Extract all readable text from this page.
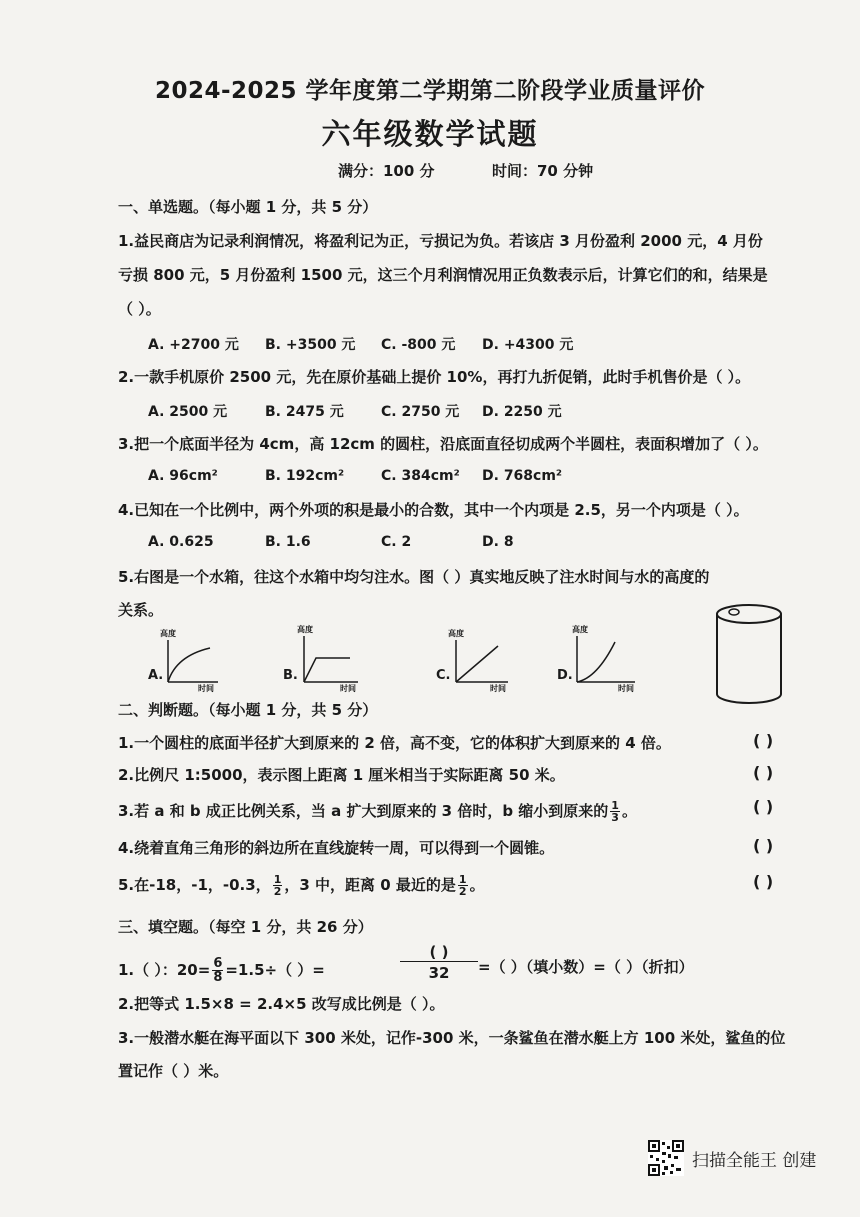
2024-2025 学年度第二学期第二阶段学业质量评价
六年级数学试题
满分：100 分	时间：70 分钟
一、单选题。（每小题 1 分，共 5 分）
1.益民商店为记录利润情况，将盈利记为正，亏损记为负。若该店 3 月份盈利 2000 元，4 月份
亏损 800 元，5 月份盈利 1500 元，这三个月利润情况用正负数表示后，计算它们的和，结果是
（ ）。
A. +2700 元 B. +3500 元 C. -800 元 D. +4300 元
2.一款手机原价 2500 元，先在原价基础上提价 10%，再打九折促销，此时手机售价是（ ）。
A. 2500 元	B. 2475 元	C. 2750 元 D. 2250 元
3.把一个底面半径为 4cm，高 12cm 的圆柱，沿底面直径切成两个半圆柱，表面积增加了（ ）。
A. 96cm²	B. 192cm²	C. 384cm² D. 768cm²
4.已知在一个比例中，两个外项的积是最小的合数，其中一个内项是 2.5，另一个内项是（ ）。
A. 0.625	B. 1.6	C. 2	D. 8
5.右图是一个水箱，往这个水箱中均匀注水。图（ ）真实地反映了注水时间与水的高度的
关系。
A.
高度
时间
B.
高度
时间
C.
高度
时间
D.
高度
时间
二、判断题。（每小题 1 分，共 5 分）
1.一个圆柱的底面半径扩大到原来的 2 倍，高不变，它的体积扩大到原来的 4 倍。	( )
2.比例尺 1:5000，表示图上距离 1 厘米相当于实际距离 50 米。	( )
3.若 a 和 b 成正比例关系，当 a 扩大到原来的 3 倍时，b 缩小到原来的 $\frac{1}{3}$ 。	( )
4.绕着直角三角形的斜边所在直线旋转一周，可以得到一个圆锥。	( )
5.在-18，-1，-0.3， $\frac{1}{2}$ ，3 中，距离 0 最近的是 $\frac{1}{2}$ 。	( )
三、填空题。（每空 1 分，共 26 分）
1.（ ）：$20= \frac{6}{8} =1.5\div$（ ）=
( )
32	=（ ）（填小数）=（ ）（折扣）
2.把等式 1.5×8 = 2.4×5 改写成比例是（ ）。
3.一般潜水艇在海平面以下 300 米处，记作-300 米，一条鲨鱼在潜水艇上方 100 米处，鲨鱼的位
置记作（ ）米。
扫描全能王 创建
